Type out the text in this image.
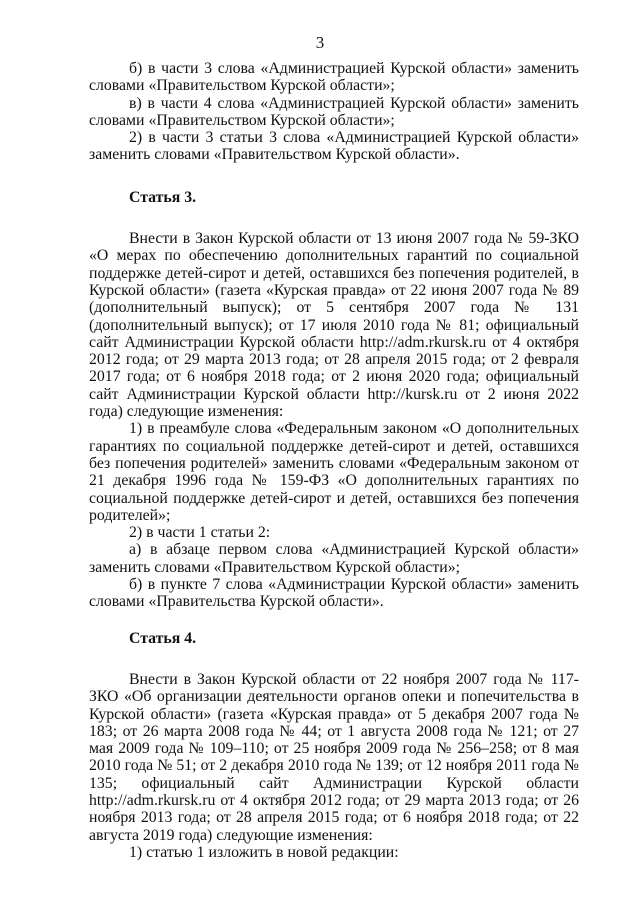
3

б) в части 3 слова «Администрацией Курской области» заменить словами «Правительством Курской области»;

в) в части 4 слова «Администрацией Курской области» заменить словами «Правительством Курской области»;

2) в части 3 статьи 3 слова «Администрацией Курской области» заменить словами «Правительством Курской области».

Статья 3.

Внести в Закон Курской области от 13 июня 2007 года № 59-ЗКО «О мерах по обеспечению дополнительных гарантий по социальной поддержке детей-сирот и детей, оставшихся без попечения родителей, в Курской области» (газета «Курская правда» от 22 июня 2007 года № 89 (дополнительный выпуск); от 5 сентября 2007 года № 131 (дополнительный выпуск); от 17 июля 2010 года № 81; официальный сайт Администрации Курской области http://adm.rkursk.ru от 4 октября 2012 года; от 29 марта 2013 года; от 28 апреля 2015 года; от 2 февраля 2017 года; от 6 ноября 2018 года; от 2 июня 2020 года; официальный сайт Администрации Курской области http://kursk.ru от 2 июня 2022 года) следующие изменения:

1) в преамбуле слова «Федеральным законом «О дополнительных гарантиях по социальной поддержке детей-сирот и детей, оставшихся без попечения родителей» заменить словами «Федеральным законом от 21 декабря 1996 года № 159-ФЗ «О дополнительных гарантиях по социальной поддержке детей-сирот и детей, оставшихся без попечения родителей»;

2) в части 1 статьи 2:

а) в абзаце первом слова «Администрацией Курской области» заменить словами «Правительством Курской области»;

б) в пункте 7 слова «Администрации Курской области» заменить словами «Правительства Курской области».

Статья 4.

Внести в Закон Курской области от 22 ноября 2007 года № 117-ЗКО «Об организации деятельности органов опеки и попечительства в Курской области» (газета «Курская правда» от 5 декабря 2007 года № 183; от 26 марта 2008 года № 44; от 1 августа 2008 года № 121; от 27 мая 2009 года № 109–110; от 25 ноября 2009 года № 256–258; от 8 мая 2010 года № 51; от 2 декабря 2010 года № 139; от 12 ноября 2011 года № 135; официальный сайт Администрации Курской области http://adm.rkursk.ru от 4 октября 2012 года; от 29 марта 2013 года; от 26 ноября 2013 года; от 28 апреля 2015 года; от 6 ноября 2018 года; от 22 августа 2019 года) следующие изменения:

1) статью 1 изложить в новой редакции:
